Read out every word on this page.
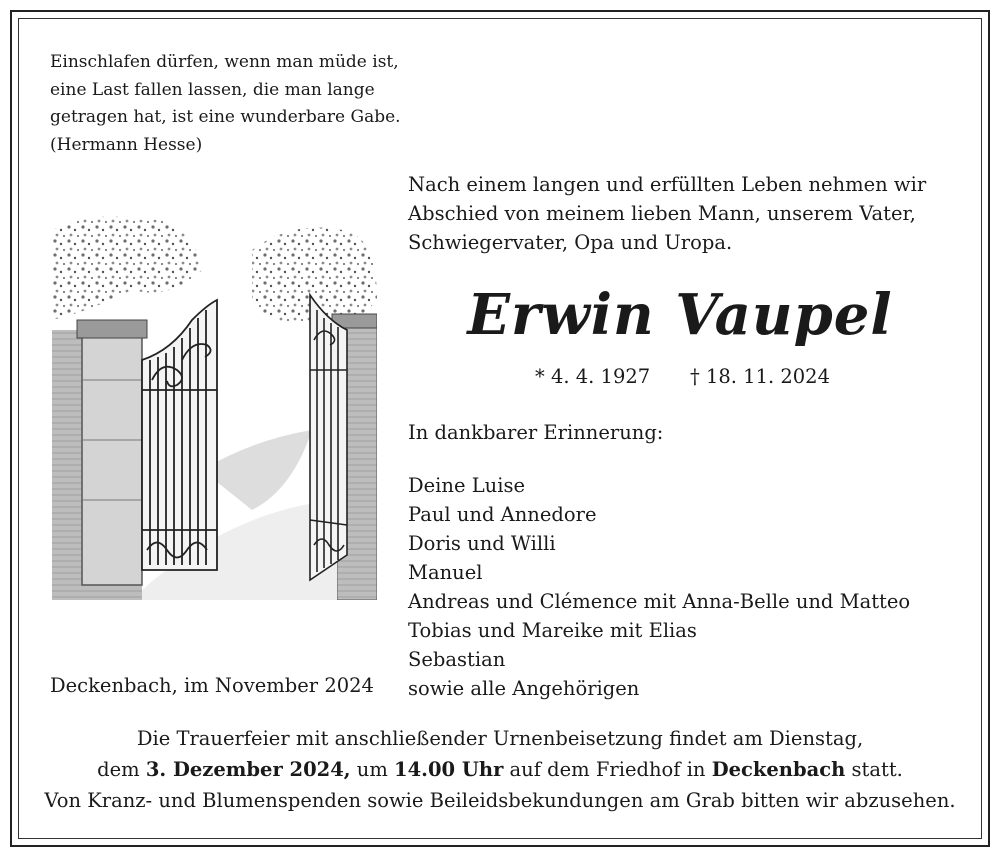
Einschlafen dürfen, wenn man müde ist,
eine Last fallen lassen, die man lange
getragen hat, ist eine wunderbare Gabe.
(Hermann Hesse)
Nach einem langen und erfüllten Leben nehmen wir
Abschied von meinem lieben Mann, unserem Vater,
Schwiegervater, Opa und Uropa.
Erwin Vaupel
* 4. 4. 1927 † 18. 11. 2024
In dankbarer Erinnerung:
Deine Luise
Paul und Annedore
Doris und Willi
Manuel
Andreas und Clémence mit Anna-Belle und Matteo
Tobias und Mareike mit Elias
Sebastian
sowie alle Angehörigen
Deckenbach, im November 2024
Die Trauerfeier mit anschließender Urnenbeisetzung findet am Dienstag,
dem 3. Dezember 2024, um 14.00 Uhr auf dem Friedhof in Deckenbach statt.
Von Kranz- und Blumenspenden sowie Beileidsbekundungen am Grab bitten wir abzusehen.
